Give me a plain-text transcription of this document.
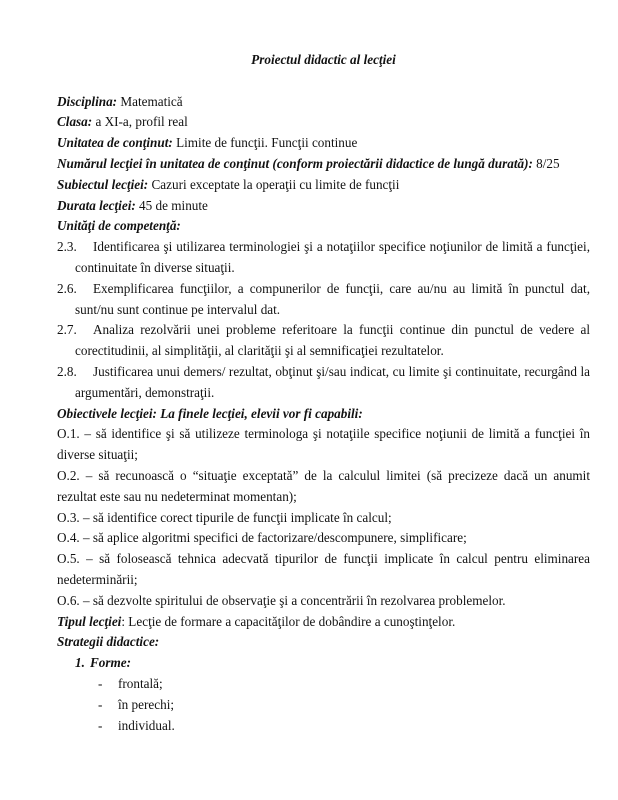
Proiectul didactic al lecţiei
Disciplina: Matematică
Clasa: a XI-a, profil real
Unitatea de conţinut: Limite de funcţii. Funcţii continue
Numărul lecţiei în unitatea de conţinut (conform proiectării didactice de lungă durată): 8/25
Subiectul lecţiei: Cazuri exceptate la operaţii cu limite de funcţii
Durata lecţiei: 45 de minute
Unităţi de competenţă:
2.3. Identificarea şi utilizarea terminologiei şi a notaţiilor specifice noţiunilor de limită a funcţiei, continuitate în diverse situaţii.
2.6. Exemplificarea funcţiilor, a compunerilor de funcţii, care au/nu au limită în punctul dat, sunt/nu sunt continue pe intervalul dat.
2.7. Analiza rezolvării unei probleme referitoare la funcţii continue din punctul de vedere al corectitudinii, al simplităţii, al clarităţii şi al semnificaţiei rezultatelor.
2.8. Justificarea unui demers/ rezultat, obţinut şi/sau indicat, cu limite şi continuitate, recurgând la argumentări, demonstraţii.
Obiectivele lecţiei: La finele lecţiei, elevii vor fi capabili:
O.1. – să identifice şi să utilizeze terminologa şi notaţiile specifice noţiunii de limită a funcţiei în diverse situaţii;
O.2. – să recunoască o “situaţie exceptată” de la calculul limitei (să precizeze dacă un anumit rezultat este sau nu nedeterminat momentan);
O.3. – să identifice corect tipurile de funcţii implicate în calcul;
O.4. – să aplice algoritmi specifici de factorizare/descompunere, simplificare;
O.5. – să folosească tehnica adecvată tipurilor de funcţii implicate în calcul pentru eliminarea nedeterminării;
O.6. – să dezvolte spiritului de observaţie şi a concentrării în rezolvarea problemelor.
Tipul lecţiei: Lecţie de formare a capacităţilor de dobândire a cunoştinţelor.
Strategii didactice:
1. Forme:
- frontală;
- în perechi;
- individual.
